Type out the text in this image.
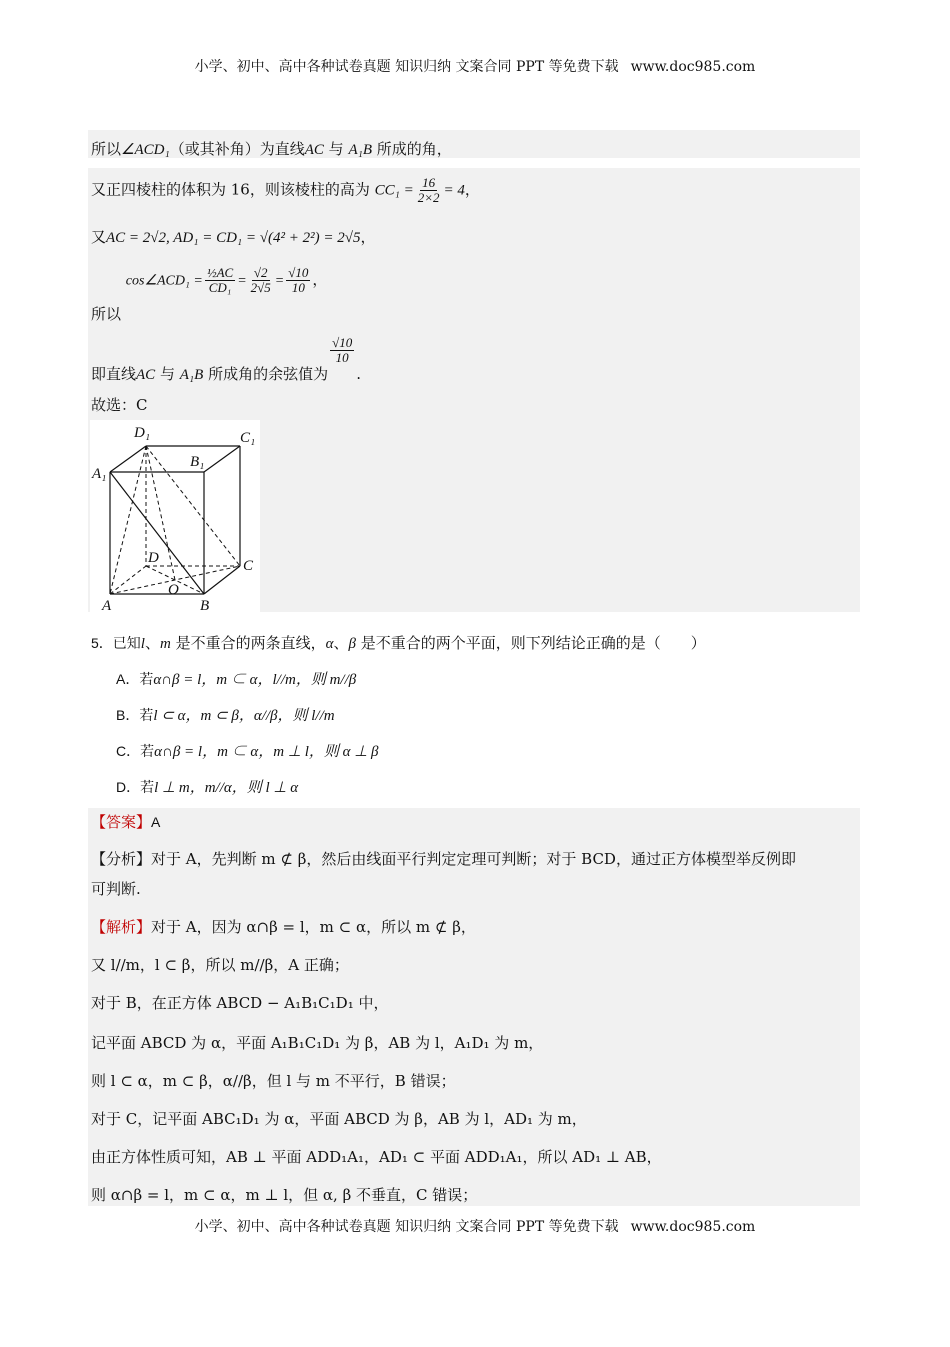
小学、初中、高中各种试卷真题 知识归纳 文案合同 PPT 等免费下载 www.doc985.com
所以∠ACD₁（或其补角）为直线AC 与 A₁B 所成的角，
又正四棱柱的体积为 16，则该棱柱的高为 $CC_1 = \frac{16}{2\times 2} = 4$，
又AC = 2√2, AD₁ = CD₁ = √(4² + 2²) = 2√5，
所以 cos∠ACD₁ = $\frac{\text{½AC}}{\text{CD₁}} = \frac{√2}{2√5} = \frac{√10}{10}$ ，
即直线AC 与 A₁B 所成角的余弦值为
$\frac{√10}{10}$
.
故选：C
D₁	C₁
A₁
B₁
D	C
A
O
B
5．已知l、m 是不重合的两条直线，α、β 是不重合的两个平面，则下列结论正确的是（　　）
A．若α∩β = l，m ⊂ α，l//m，则 m//β
B．若l ⊂ α，m ⊂ β，α//β，则 l//m
C．若α∩β = l，m ⊂ α，m ⊥ l，则 α ⊥ β
D．若l ⊥ m，m//α，则 l ⊥ α
【答案】A
【分析】对于 A，先判断 m ⊄ β，然后由线面平行判定定理可判断；对于 BCD，通过正方体模型举反例即
可判断.
【解析】对于 A，因为 α∩β = l，m ⊂ α，所以 m ⊄ β，
又 l//m，l ⊂ β，所以 m//β，A 正确；
对于 B，在正方体 ABCD − A₁B₁C₁D₁ 中，
记平面 ABCD 为 α，平面 A₁B₁C₁D₁ 为 β，AB 为 l，A₁D₁ 为 m，
则 l ⊂ α，m ⊂ β，α//β，但 l 与 m 不平行，B 错误；
对于 C，记平面 ABC₁D₁ 为 α，平面 ABCD 为 β，AB 为 l，AD₁ 为 m，
由正方体性质可知，AB ⊥ 平面 ADD₁A₁，AD₁ ⊂ 平面 ADD₁A₁，所以 AD₁ ⊥ AB，
则 α∩β = l，m ⊂ α，m ⊥ l，但 α, β 不垂直，C 错误；
小学、初中、高中各种试卷真题 知识归纳 文案合同 PPT 等免费下载 www.doc985.com
